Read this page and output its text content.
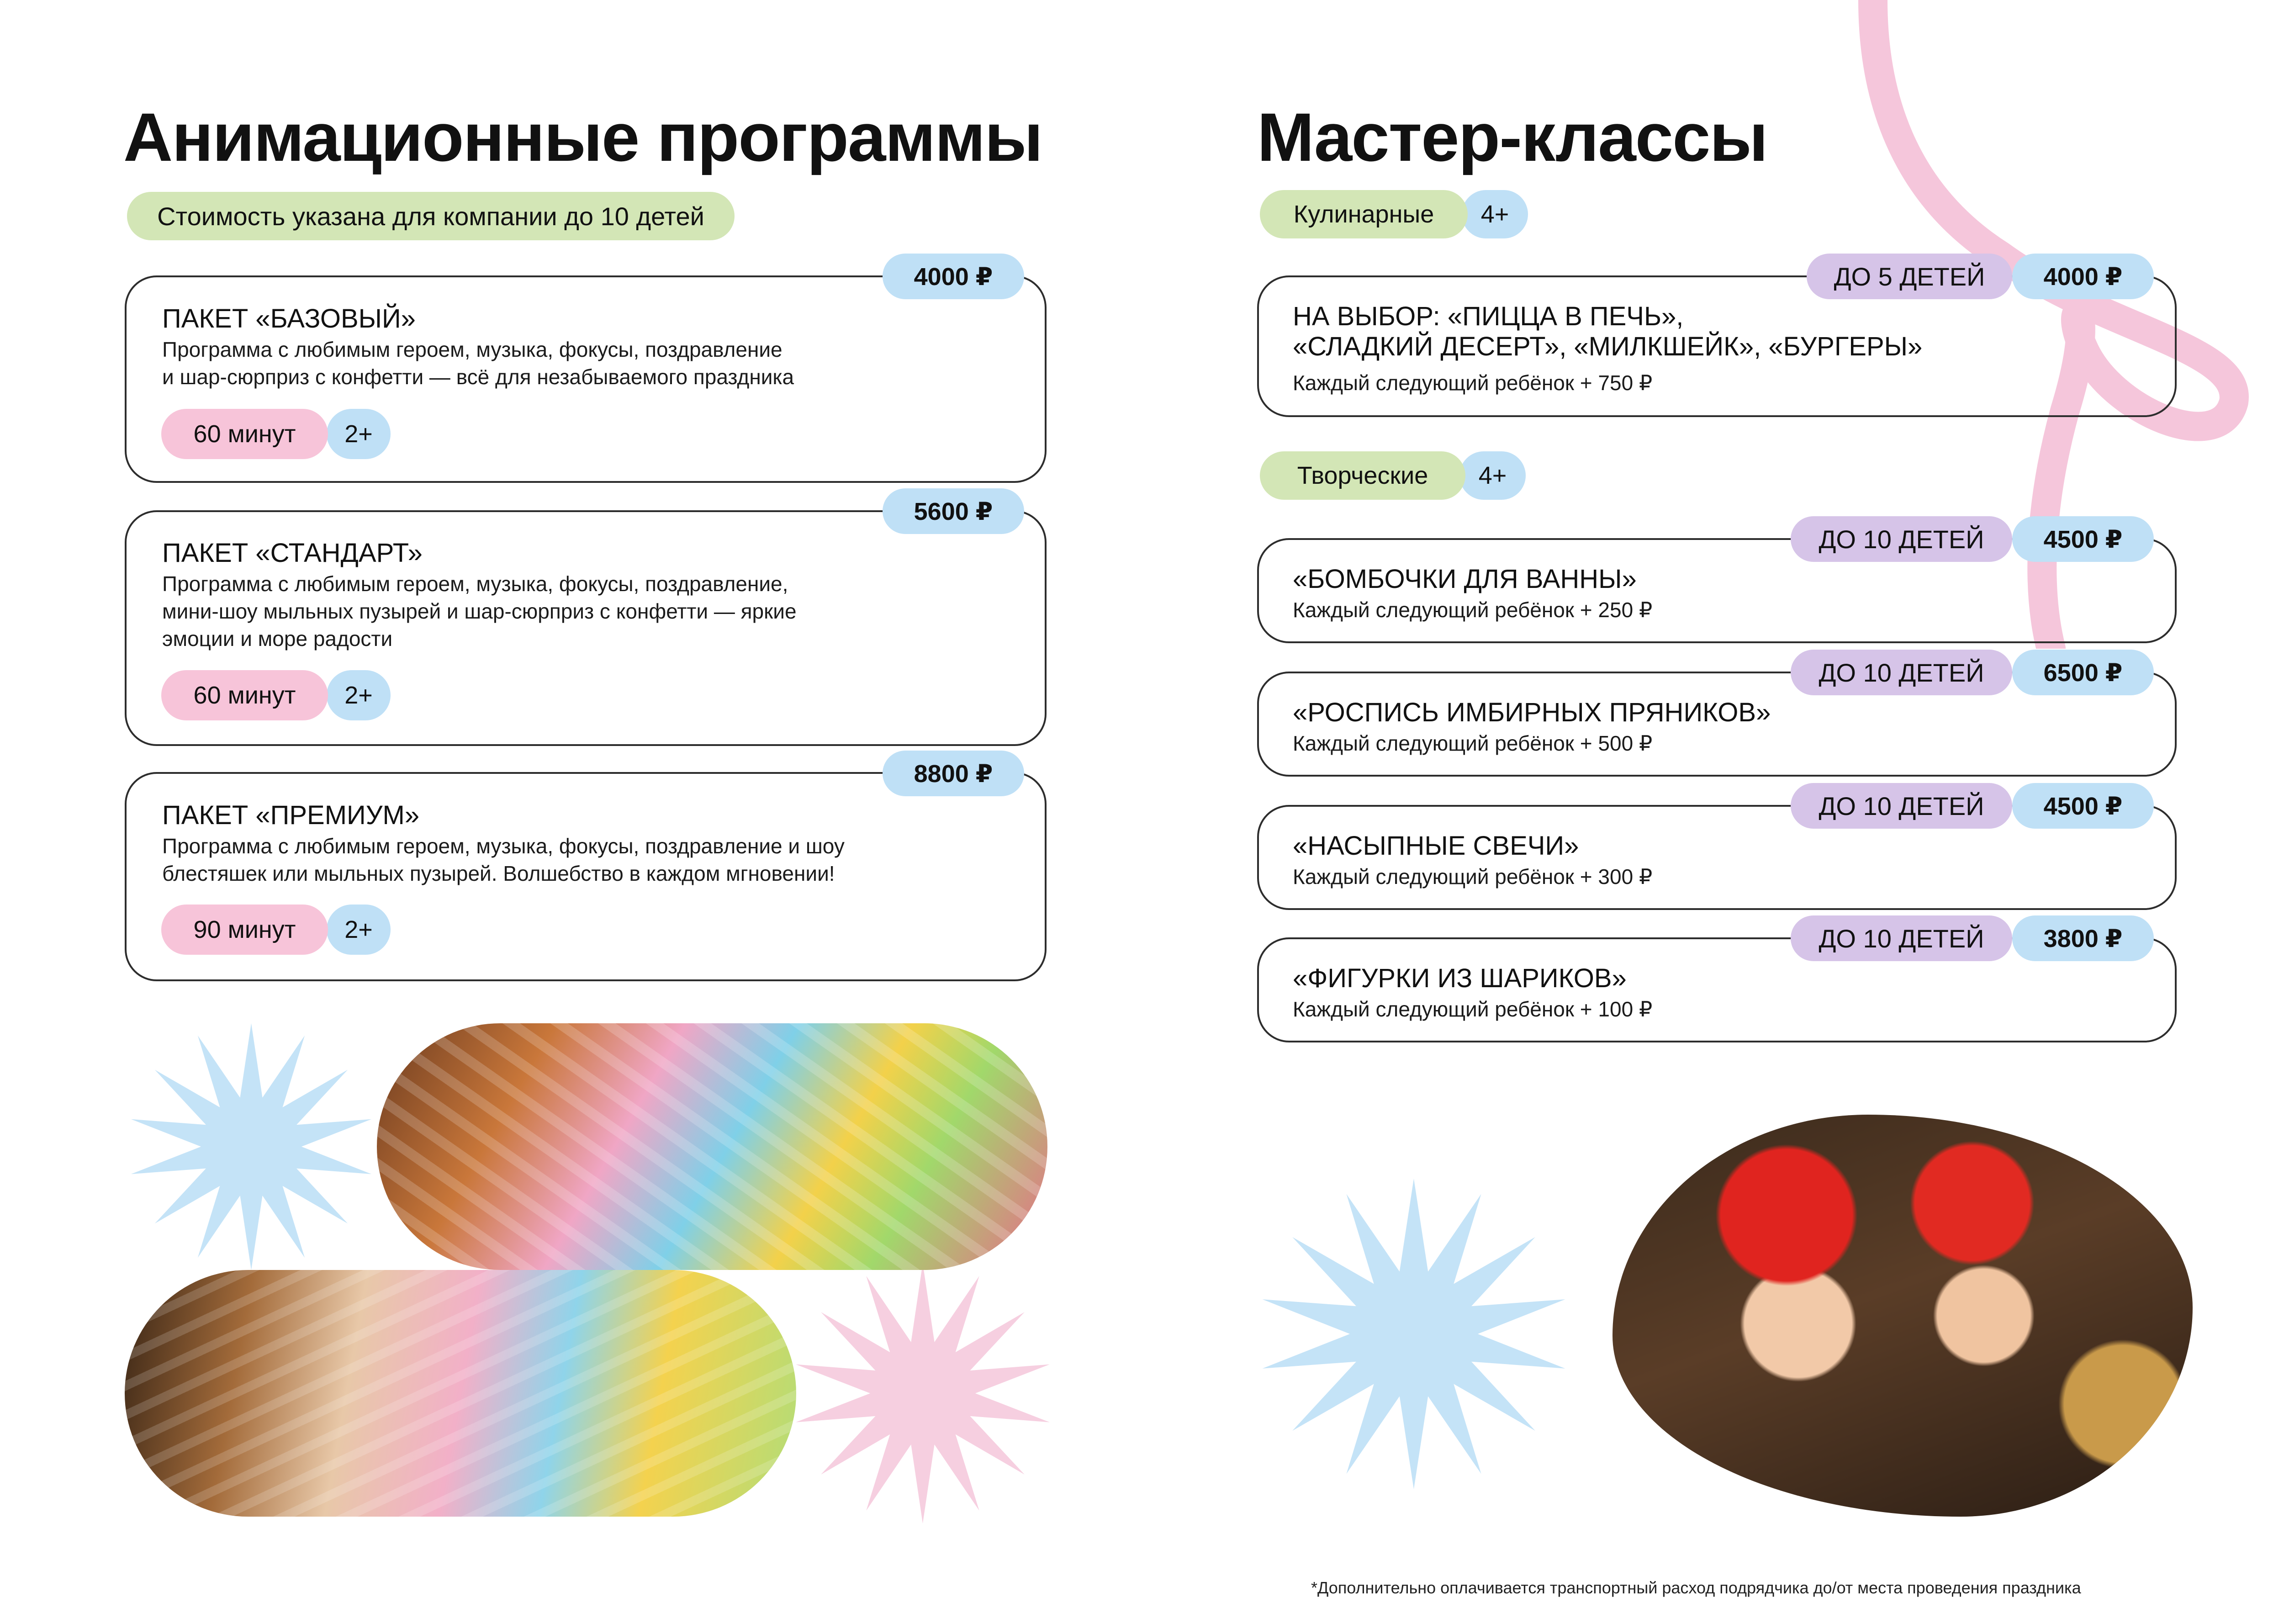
Анимационные программы
Стоимость указана для компании до 10 детей
ПАКЕТ «БАЗОВЫЙ»
Программа с любимым героем, музыка, фокусы, поздравление
и шар-сюрприз с конфетти — всё для незабываемого праздника
4000 ₽
2+
60 минут
ПАКЕТ «СТАНДАРТ»
Программа с любимым героем, музыка, фокусы, поздравление,
мини-шоу мыльных пузырей и шар-сюрприз с конфетти — яркие
эмоции и море радости
5600 ₽
2+
60 минут
ПАКЕТ «ПРЕМИУМ»
Программа с любимым героем, музыка, фокусы, поздравление и шоу
блестяшек или мыльных пузырей. Волшебство в каждом мгновении!
8800 ₽
2+
90 минут
Мастер-классы
4+
Кулинарные
НА ВЫБОР: «ПИЦЦА В ПЕЧЬ»,
«СЛАДКИЙ ДЕСЕРТ», «МИЛКШЕЙК», «БУРГЕРЫ»
Каждый следующий ребёнок + 750 ₽
4000 ₽
ДО 5 ДЕТЕЙ
4+
Творческие
«БОМБОЧКИ ДЛЯ ВАННЫ»
Каждый следующий ребёнок + 250 ₽
4500 ₽
ДО 10 ДЕТЕЙ
«РОСПИСЬ ИМБИРНЫХ ПРЯНИКОВ»
Каждый следующий ребёнок + 500 ₽
6500 ₽
ДО 10 ДЕТЕЙ
«НАСЫПНЫЕ СВЕЧИ»
Каждый следующий ребёнок + 300 ₽
4500 ₽
ДО 10 ДЕТЕЙ
«ФИГУРКИ ИЗ ШАРИКОВ»
Каждый следующий ребёнок + 100 ₽
3800 ₽
ДО 10 ДЕТЕЙ
*Дополнительно оплачивается транспортный расход подрядчика до/от места проведения праздника
